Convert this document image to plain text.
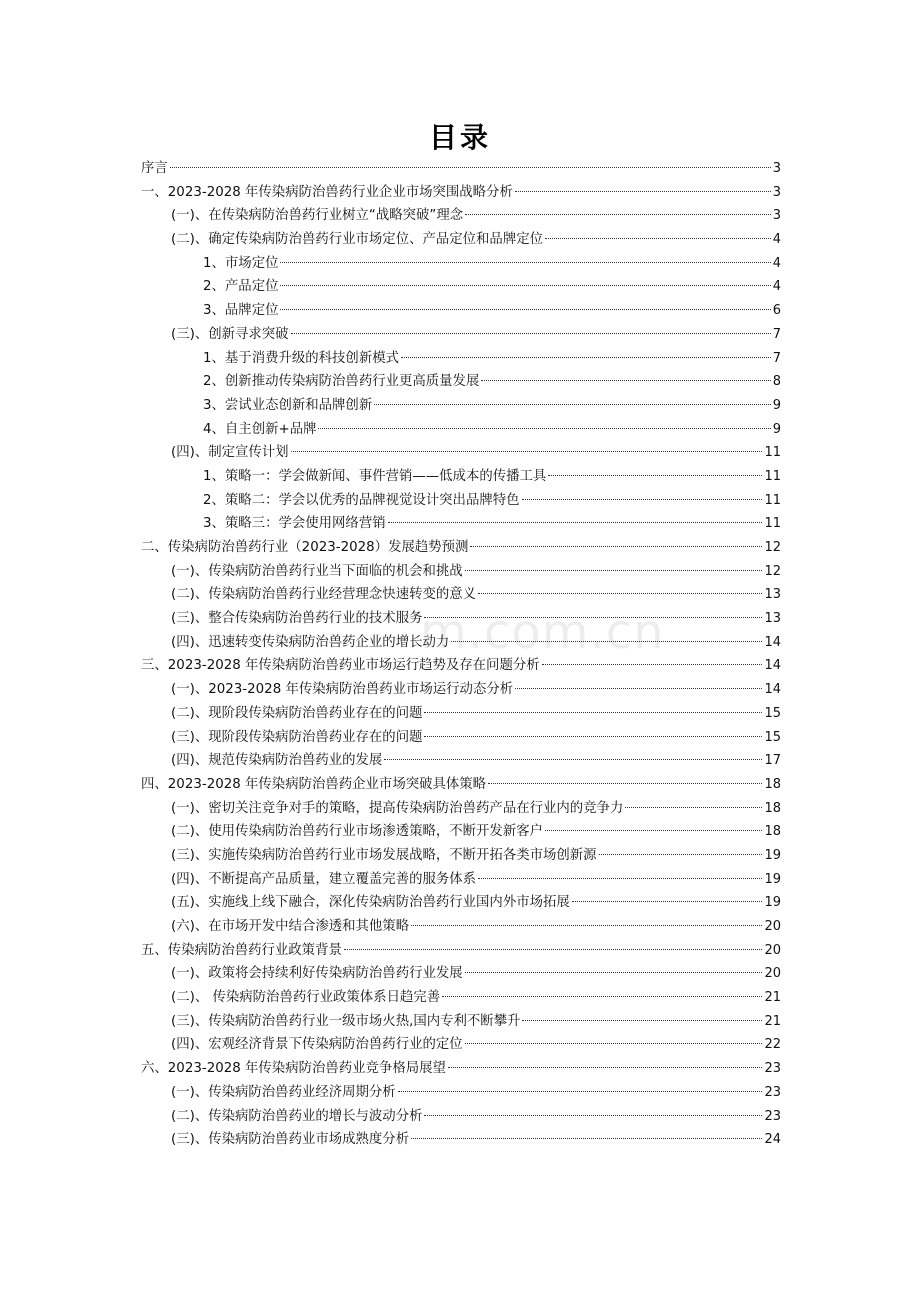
目录
序言	3
一、2023-2028 年传染病防治兽药行业企业市场突围战略分析	3
(一)、在传染病防治兽药行业树立“战略突破”理念	3
(二)、确定传染病防治兽药行业市场定位、产品定位和品牌定位	4
1、市场定位	4
2、产品定位	4
3、品牌定位	6
(三)、创新寻求突破	7
1、基于消费升级的科技创新模式	7
2、创新推动传染病防治兽药行业更高质量发展	8
3、尝试业态创新和品牌创新	9
4、自主创新+品牌	9
(四)、制定宣传计划	11
1、策略一：学会做新闻、事件营销——低成本的传播工具	11
2、策略二：学会以优秀的品牌视觉设计突出品牌特色	11
3、策略三：学会使用网络营销	11
二、传染病防治兽药行业（2023-2028）发展趋势预测	12
(一)、传染病防治兽药行业当下面临的机会和挑战	12
(二)、传染病防治兽药行业经营理念快速转变的意义	13
(三)、整合传染病防治兽药行业的技术服务	13
(四)、迅速转变传染病防治兽药企业的增长动力	14
三、2023-2028 年传染病防治兽药业市场运行趋势及存在问题分析	14
(一)、2023-2028 年传染病防治兽药业市场运行动态分析	14
(二)、现阶段传染病防治兽药业存在的问题	15
(三)、现阶段传染病防治兽药业存在的问题	15
(四)、规范传染病防治兽药业的发展	17
四、2023-2028 年传染病防治兽药企业市场突破具体策略	18
(一)、密切关注竞争对手的策略，提高传染病防治兽药产品在行业内的竞争力	18
(二)、使用传染病防治兽药行业市场渗透策略，不断开发新客户	18
(三)、实施传染病防治兽药行业市场发展战略，不断开拓各类市场创新源	19
(四)、不断提高产品质量，建立覆盖完善的服务体系	19
(五)、实施线上线下融合，深化传染病防治兽药行业国内外市场拓展	19
(六)、在市场开发中结合渗透和其他策略	20
五、传染病防治兽药行业政策背景	20
(一)、政策将会持续利好传染病防治兽药行业发展	20
(二)、 传染病防治兽药行业政策体系日趋完善	21
(三)、传染病防治兽药行业一级市场火热,国内专利不断攀升	21
(四)、宏观经济背景下传染病防治兽药行业的定位	22
六、2023-2028 年传染病防治兽药业竞争格局展望	23
(一)、传染病防治兽药业经济周期分析	23
(二)、传染病防治兽药业的增长与波动分析	23
(三)、传染病防治兽药业市场成熟度分析	24
m.com.cn
